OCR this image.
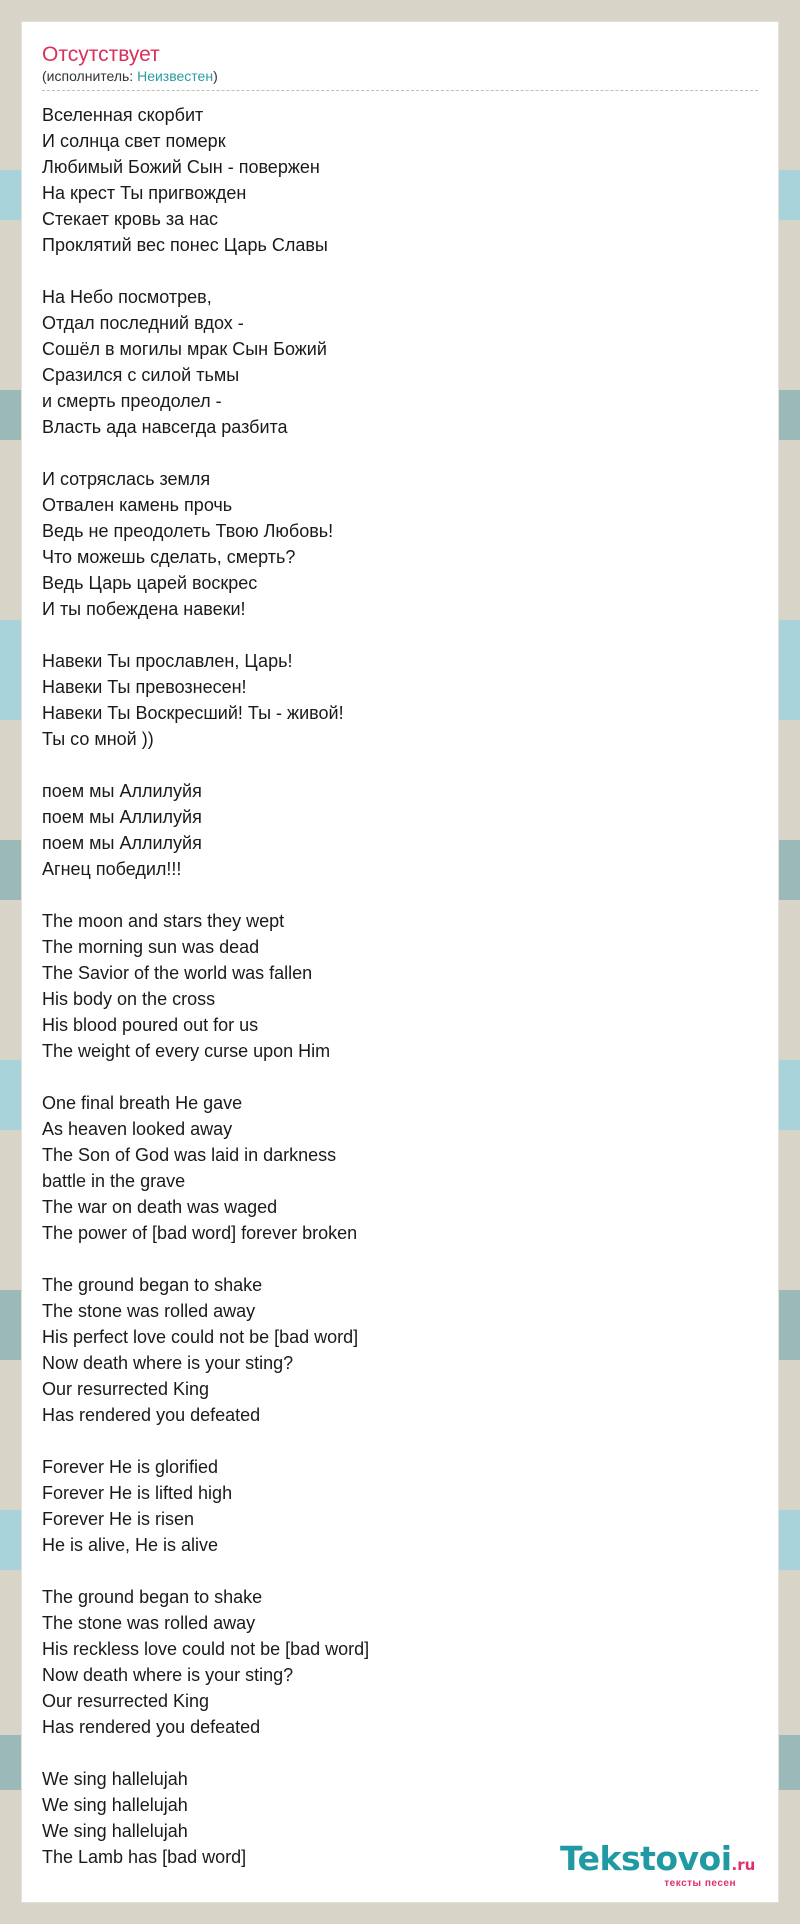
Отсутствует
(исполнитель: Неизвестен)
Вселенная скорбит
И солнца свет померк
Любимый Божий Сын - повержен
На крест Ты пригвожден
Стекает кровь за нас
Проклятий вес понес Царь Славы
На Небо посмотрев,
Отдал последний вдох -
Сошёл в могилы мрак Сын Божий
Сразился с силой тьмы
и смерть преодолел -
Власть ада навсегда разбита
И сотряслась земля
Отвален камень прочь
Ведь не преодолеть Твою Любовь!
Что можешь сделать, смерть?
Ведь Царь царей воскрес
И ты побеждена навеки!
Навеки Ты прославлен, Царь!
Навеки Ты превознесен!
Навеки Ты Воскресший! Ты - живой!
Ты со мной ))
поем мы Аллилуйя
поем мы Аллилуйя
поем мы Аллилуйя
Агнец победил!!!
The moon and stars they wept
The morning sun was dead
The Savior of the world was fallen
His body on the cross
His blood poured out for us
The weight of every curse upon Him
One final breath He gave
As heaven looked away
The Son of God was laid in darkness
battle in the grave
The war on death was waged
The power of [bad word] forever broken
The ground began to shake
The stone was rolled away
His perfect love could not be [bad word]
Now death where is your sting?
Our resurrected King
Has rendered you defeated
Forever He is glorified
Forever He is lifted high
Forever He is risen
He is alive, He is alive
The ground began to shake
The stone was rolled away
His reckless love could not be [bad word]
Now death where is your sting?
Our resurrected King
Has rendered you defeated
We sing hallelujah
We sing hallelujah
We sing hallelujah
The Lamb has [bad word]	Tekstovoi.ru
тексты песен
